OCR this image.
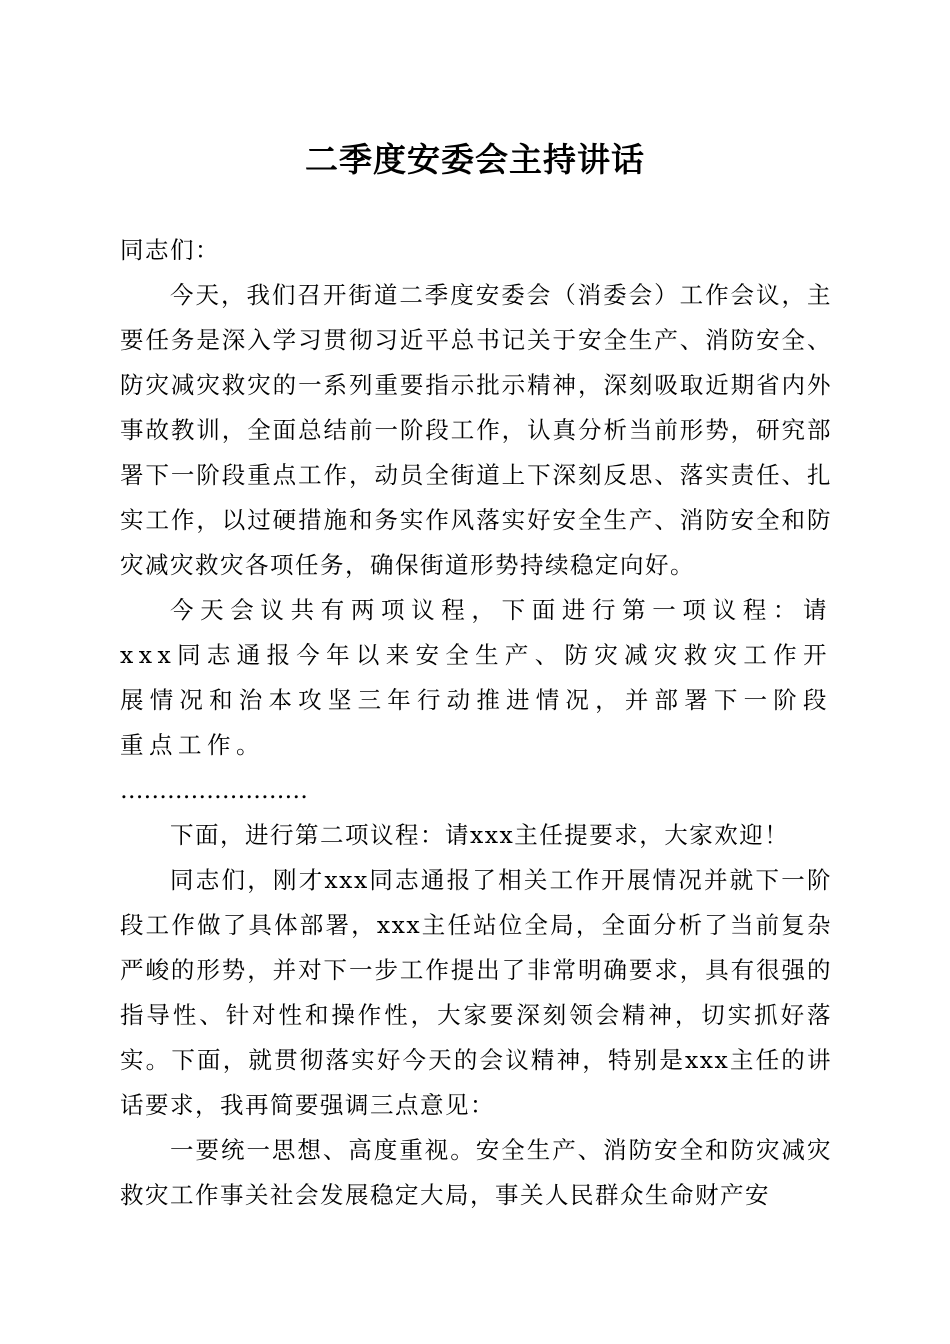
二季度安委会主持讲话

同志们：

今天，我们召开街道二季度安委会（消委会）工作会议，主要任务是深入学习贯彻习近平总书记关于安全生产、消防安全、防灾减灾救灾的一系列重要指示批示精神，深刻吸取近期省内外事故教训，全面总结前一阶段工作，认真分析当前形势，研究部署下一阶段重点工作，动员全街道上下深刻反思、落实责任、扎实工作，以过硬措施和务实作风落实好安全生产、消防安全和防灾减灾救灾各项任务，确保街道形势持续稳定向好。

今天会议共有两项议程，下面进行第一项议程：请xxx同志通报今年以来安全生产、防灾减灾救灾工作开展情况和治本攻坚三年行动推进情况，并部署下一阶段重点工作。

……………………

下面，进行第二项议程：请xxx主任提要求，大家欢迎！

同志们，刚才xxx同志通报了相关工作开展情况并就下一阶段工作做了具体部署，xxx主任站位全局，全面分析了当前复杂严峻的形势，并对下一步工作提出了非常明确要求，具有很强的指导性、针对性和操作性，大家要深刻领会精神，切实抓好落实。下面，就贯彻落实好今天的会议精神，特别是xxx主任的讲话要求，我再简要强调三点意见：

一要统一思想、高度重视。安全生产、消防安全和防灾减灾救灾工作事关社会发展稳定大局，事关人民群众生命财产安
